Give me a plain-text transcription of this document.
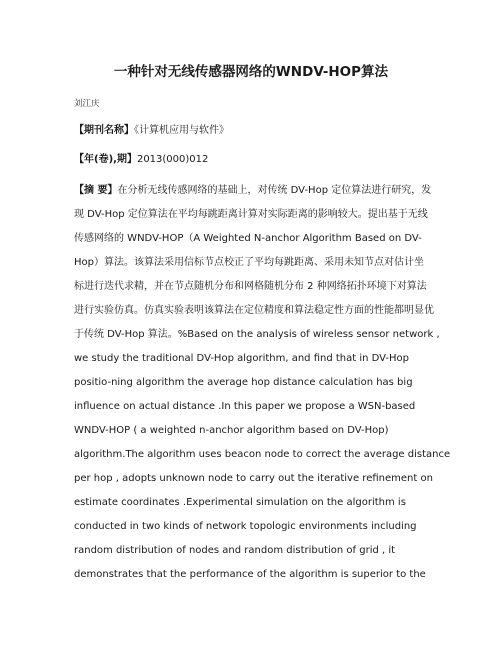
一种针对无线传感器网络的WNDV-HOP算法
刘江庆
【期刊名称】《计算机应用与软件》
【年(卷),期】2013(000)012
【摘 要】在分析无线传感网络的基础上，对传统 DV-Hop 定位算法进行研究，发
现 DV-Hop 定位算法在平均每跳距离计算对实际距离的影响较大。提出基于无线
传感网络的 WNDV-HOP（A Weighted N-anchor Algorithm Based on DV-
Hop）算法。该算法采用信标节点校正了平均每跳距离、采用未知节点对估计坐
标进行迭代求精，并在节点随机分布和网格随机分布 2 种网络拓扑环境下对算法
进行实验仿真。仿真实验表明该算法在定位精度和算法稳定性方面的性能都明显优
于传统 DV-Hop 算法。%Based on the analysis of wireless sensor network ,
we study the traditional DV-Hop algorithm, and find that in DV-Hop
positio-ning algorithm the average hop distance calculation has big
influence on actual distance .In this paper we propose a WSN-based
WNDV-HOP ( a weighted n-anchor algorithm based on DV-Hop)
algorithm.The algorithm uses beacon node to correct the average distance
per hop , adopts unknown node to carry out the iterative refinement on
estimate coordinates .Experimental simulation on the algorithm is
conducted in two kinds of network topologic environments including
random distribution of nodes and random distribution of grid , it
demonstrates that the performance of the algorithm is superior to the
